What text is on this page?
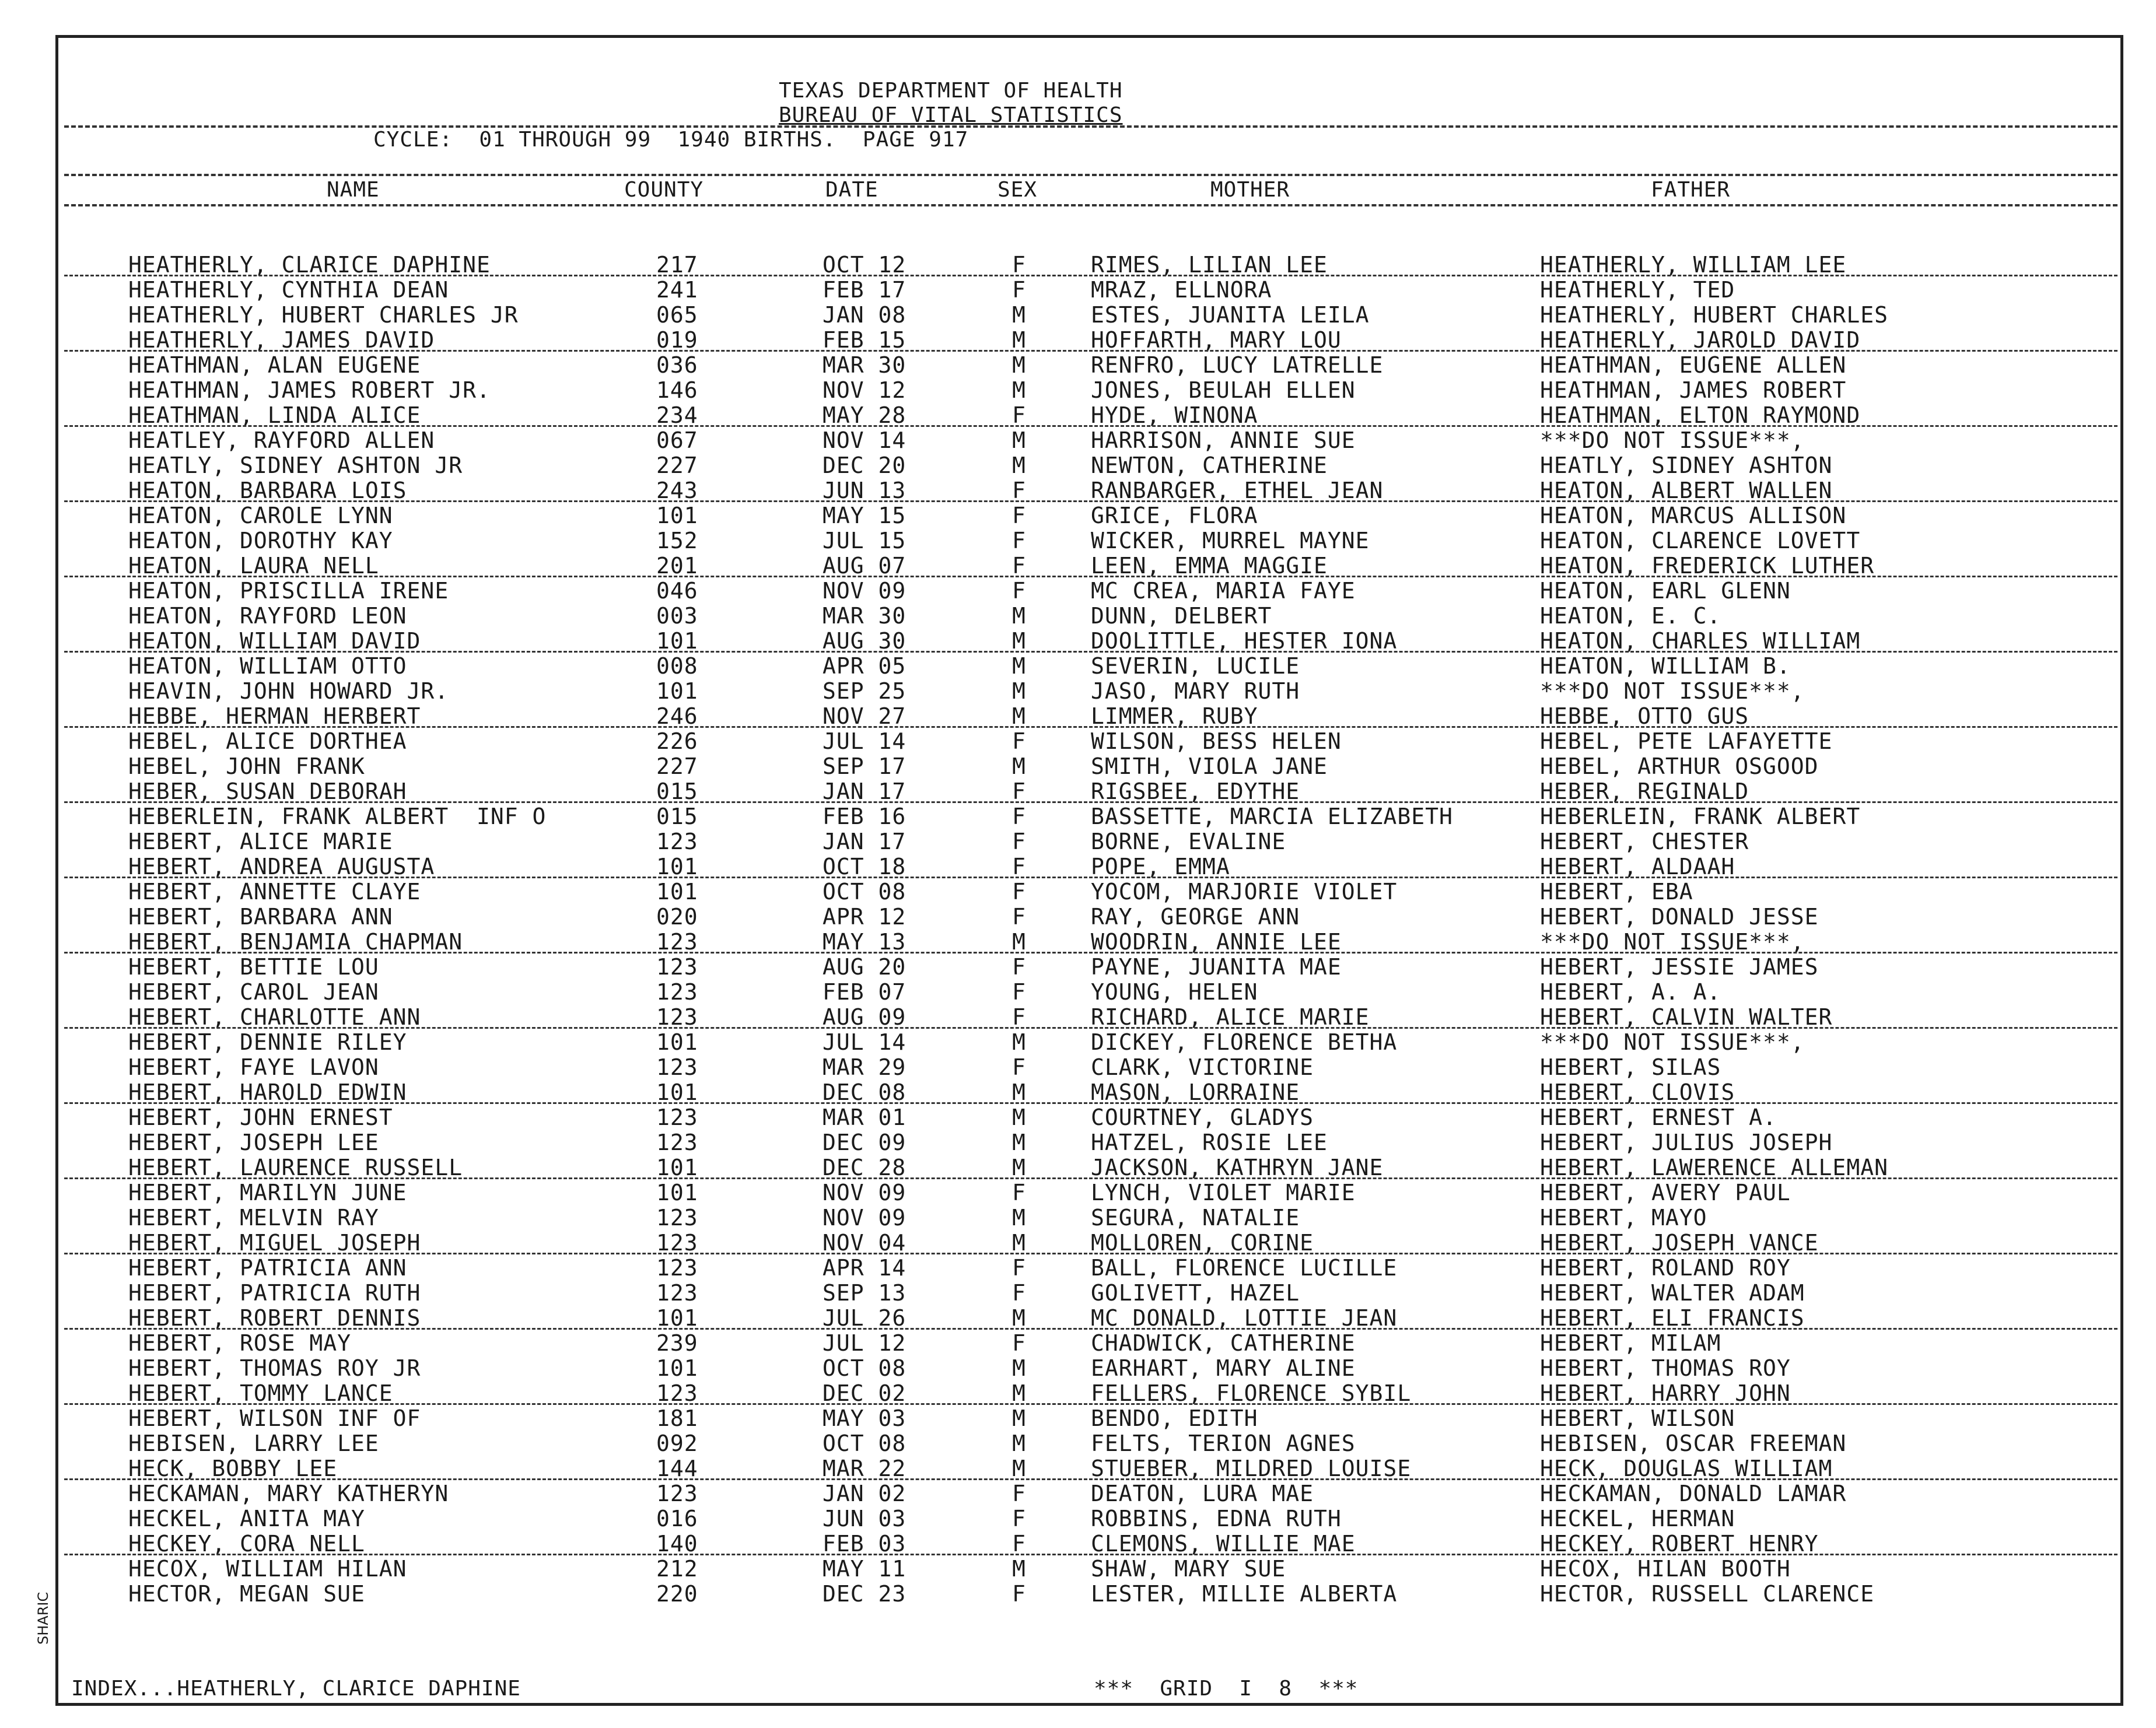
TEXAS DEPARTMENT OF HEALTH
BUREAU OF VITAL STATISTICS
CYCLE:  01 THROUGH 99  1940 BIRTHS.  PAGE 917
NAME	COUNTY	DATE	SEX	MOTHER	FATHER
HEATHERLY, CLARICE DAPHINE	217	OCT 12	F	RIMES, LILIAN LEE	HEATHERLY, WILLIAM LEE
HEATHERLY, CYNTHIA DEAN	241	FEB 17	F	MRAZ, ELLNORA	HEATHERLY, TED
HEATHERLY, HUBERT CHARLES JR	065	JAN 08	M	ESTES, JUANITA LEILA	HEATHERLY, HUBERT CHARLES
HEATHERLY, JAMES DAVID	019	FEB 15	M	HOFFARTH, MARY LOU	HEATHERLY, JAROLD DAVID
HEATHMAN, ALAN EUGENE	036	MAR 30	M	RENFRO, LUCY LATRELLE	HEATHMAN, EUGENE ALLEN
HEATHMAN, JAMES ROBERT JR.	146	NOV 12	M	JONES, BEULAH ELLEN	HEATHMAN, JAMES ROBERT
HEATHMAN, LINDA ALICE	234	MAY 28	F	HYDE, WINONA	HEATHMAN, ELTON RAYMOND
HEATLEY, RAYFORD ALLEN	067	NOV 14	M	HARRISON, ANNIE SUE	***DO NOT ISSUE***,
HEATLY, SIDNEY ASHTON JR	227	DEC 20	M	NEWTON, CATHERINE	HEATLY, SIDNEY ASHTON
HEATON, BARBARA LOIS	243	JUN 13	F	RANBARGER, ETHEL JEAN	HEATON, ALBERT WALLEN
HEATON, CAROLE LYNN	101	MAY 15	F	GRICE, FLORA	HEATON, MARCUS ALLISON
HEATON, DOROTHY KAY	152	JUL 15	F	WICKER, MURREL MAYNE	HEATON, CLARENCE LOVETT
HEATON, LAURA NELL	201	AUG 07	F	LEEN, EMMA MAGGIE	HEATON, FREDERICK LUTHER
HEATON, PRISCILLA IRENE	046	NOV 09	F	MC CREA, MARIA FAYE	HEATON, EARL GLENN
HEATON, RAYFORD LEON	003	MAR 30	M	DUNN, DELBERT	HEATON, E. C.
HEATON, WILLIAM DAVID	101	AUG 30	M	DOOLITTLE, HESTER IONA	HEATON, CHARLES WILLIAM
HEATON, WILLIAM OTTO	008	APR 05	M	SEVERIN, LUCILE	HEATON, WILLIAM B.
HEAVIN, JOHN HOWARD JR.	101	SEP 25	M	JASO, MARY RUTH	***DO NOT ISSUE***,
HEBBE, HERMAN HERBERT	246	NOV 27	M	LIMMER, RUBY	HEBBE, OTTO GUS
HEBEL, ALICE DORTHEA	226	JUL 14	F	WILSON, BESS HELEN	HEBEL, PETE LAFAYETTE
HEBEL, JOHN FRANK	227	SEP 17	M	SMITH, VIOLA JANE	HEBEL, ARTHUR OSGOOD
HEBER, SUSAN DEBORAH	015	JAN 17	F	RIGSBEE, EDYTHE	HEBER, REGINALD
HEBERLEIN, FRANK ALBERT  INF O	015	FEB 16	F	BASSETTE, MARCIA ELIZABETH	HEBERLEIN, FRANK ALBERT
HEBERT, ALICE MARIE	123	JAN 17	F	BORNE, EVALINE	HEBERT, CHESTER
HEBERT, ANDREA AUGUSTA	101	OCT 18	F	POPE, EMMA	HEBERT, ALDAAH
HEBERT, ANNETTE CLAYE	101	OCT 08	F	YOCOM, MARJORIE VIOLET	HEBERT, EBA
HEBERT, BARBARA ANN	020	APR 12	F	RAY, GEORGE ANN	HEBERT, DONALD JESSE
HEBERT, BENJAMIA CHAPMAN	123	MAY 13	M	WOODRIN, ANNIE LEE	***DO NOT ISSUE***,
HEBERT, BETTIE LOU	123	AUG 20	F	PAYNE, JUANITA MAE	HEBERT, JESSIE JAMES
HEBERT, CAROL JEAN	123	FEB 07	F	YOUNG, HELEN	HEBERT, A. A.
HEBERT, CHARLOTTE ANN	123	AUG 09	F	RICHARD, ALICE MARIE	HEBERT, CALVIN WALTER
HEBERT, DENNIE RILEY	101	JUL 14	M	DICKEY, FLORENCE BETHA	***DO NOT ISSUE***,
HEBERT, FAYE LAVON	123	MAR 29	F	CLARK, VICTORINE	HEBERT, SILAS
HEBERT, HAROLD EDWIN	101	DEC 08	M	MASON, LORRAINE	HEBERT, CLOVIS
HEBERT, JOHN ERNEST	123	MAR 01	M	COURTNEY, GLADYS	HEBERT, ERNEST A.
HEBERT, JOSEPH LEE	123	DEC 09	M	HATZEL, ROSIE LEE	HEBERT, JULIUS JOSEPH
HEBERT, LAURENCE RUSSELL	101	DEC 28	M	JACKSON, KATHRYN JANE	HEBERT, LAWERENCE ALLEMAN
HEBERT, MARILYN JUNE	101	NOV 09	F	LYNCH, VIOLET MARIE	HEBERT, AVERY PAUL
HEBERT, MELVIN RAY	123	NOV 09	M	SEGURA, NATALIE	HEBERT, MAYO
HEBERT, MIGUEL JOSEPH	123	NOV 04	M	MOLLOREN, CORINE	HEBERT, JOSEPH VANCE
HEBERT, PATRICIA ANN	123	APR 14	F	BALL, FLORENCE LUCILLE	HEBERT, ROLAND ROY
HEBERT, PATRICIA RUTH	123	SEP 13	F	GOLIVETT, HAZEL	HEBERT, WALTER ADAM
HEBERT, ROBERT DENNIS	101	JUL 26	M	MC DONALD, LOTTIE JEAN	HEBERT, ELI FRANCIS
HEBERT, ROSE MAY	239	JUL 12	F	CHADWICK, CATHERINE	HEBERT, MILAM
HEBERT, THOMAS ROY JR	101	OCT 08	M	EARHART, MARY ALINE	HEBERT, THOMAS ROY
HEBERT, TOMMY LANCE	123	DEC 02	M	FELLERS, FLORENCE SYBIL	HEBERT, HARRY JOHN
HEBERT, WILSON INF OF	181	MAY 03	M	BENDO, EDITH	HEBERT, WILSON
HEBISEN, LARRY LEE	092	OCT 08	M	FELTS, TERION AGNES	HEBISEN, OSCAR FREEMAN
HECK, BOBBY LEE	144	MAR 22	M	STUEBER, MILDRED LOUISE	HECK, DOUGLAS WILLIAM
HECKAMAN, MARY KATHERYN	123	JAN 02	F	DEATON, LURA MAE	HECKAMAN, DONALD LAMAR
HECKEL, ANITA MAY	016	JUN 03	F	ROBBINS, EDNA RUTH	HECKEL, HERMAN
HECKEY, CORA NELL	140	FEB 03	F	CLEMONS, WILLIE MAE	HECKEY, ROBERT HENRY
HECOX, WILLIAM HILAN	212	MAY 11	M	SHAW, MARY SUE	HECOX, HILAN BOOTH
HECTOR, MEGAN SUE	220	DEC 23	F	LESTER, MILLIE ALBERTA	HECTOR, RUSSELL CLARENCE
INDEX...HEATHERLY, CLARICE DAPHINE	***  GRID  I  8  ***
SHARIC
